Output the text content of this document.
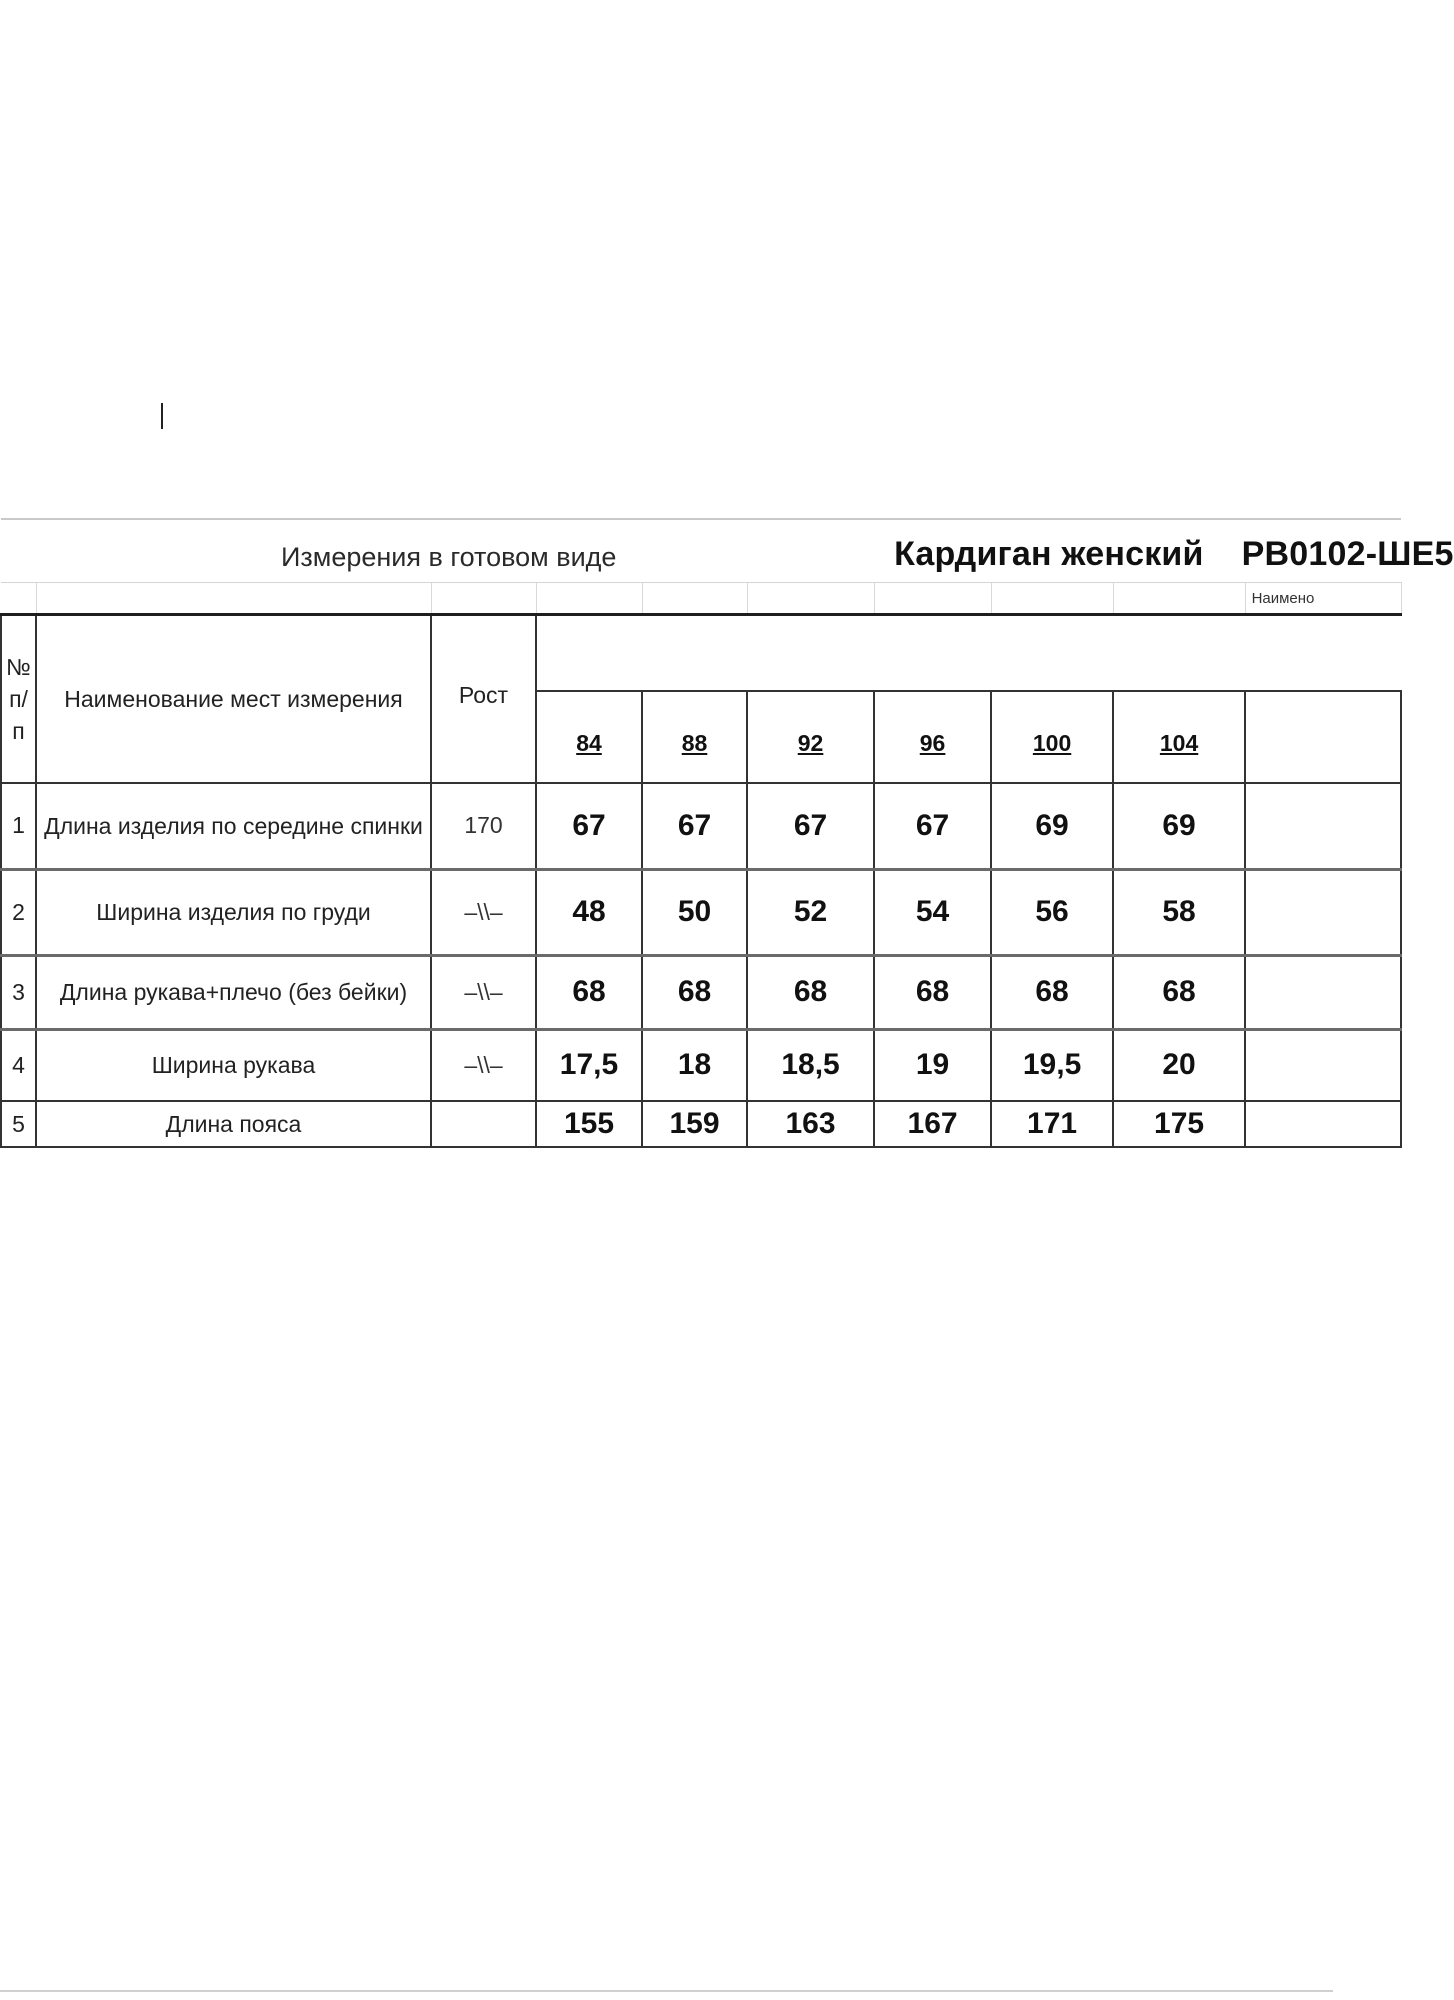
Измерения в готовом виде						Кардиган женский РВ0102-ШЕ5			
									Наимено
№ п/ п	Наименование мест измерения	Рост							
			84	88	92	96	100	104	
1	Длина изделия по середине спинки	170	67	67	67	67	69	69	
2	Ширина изделия по груди	–\\–	48	50	52	54	56	58	
3	Длина рукава+плечо (без бейки)	–\\–	68	68	68	68	68	68	
4	Ширина рукава	–\\–	17,5	18	18,5	19	19,5	20	
5	Длина пояса		155	159	163	167	171	175	
